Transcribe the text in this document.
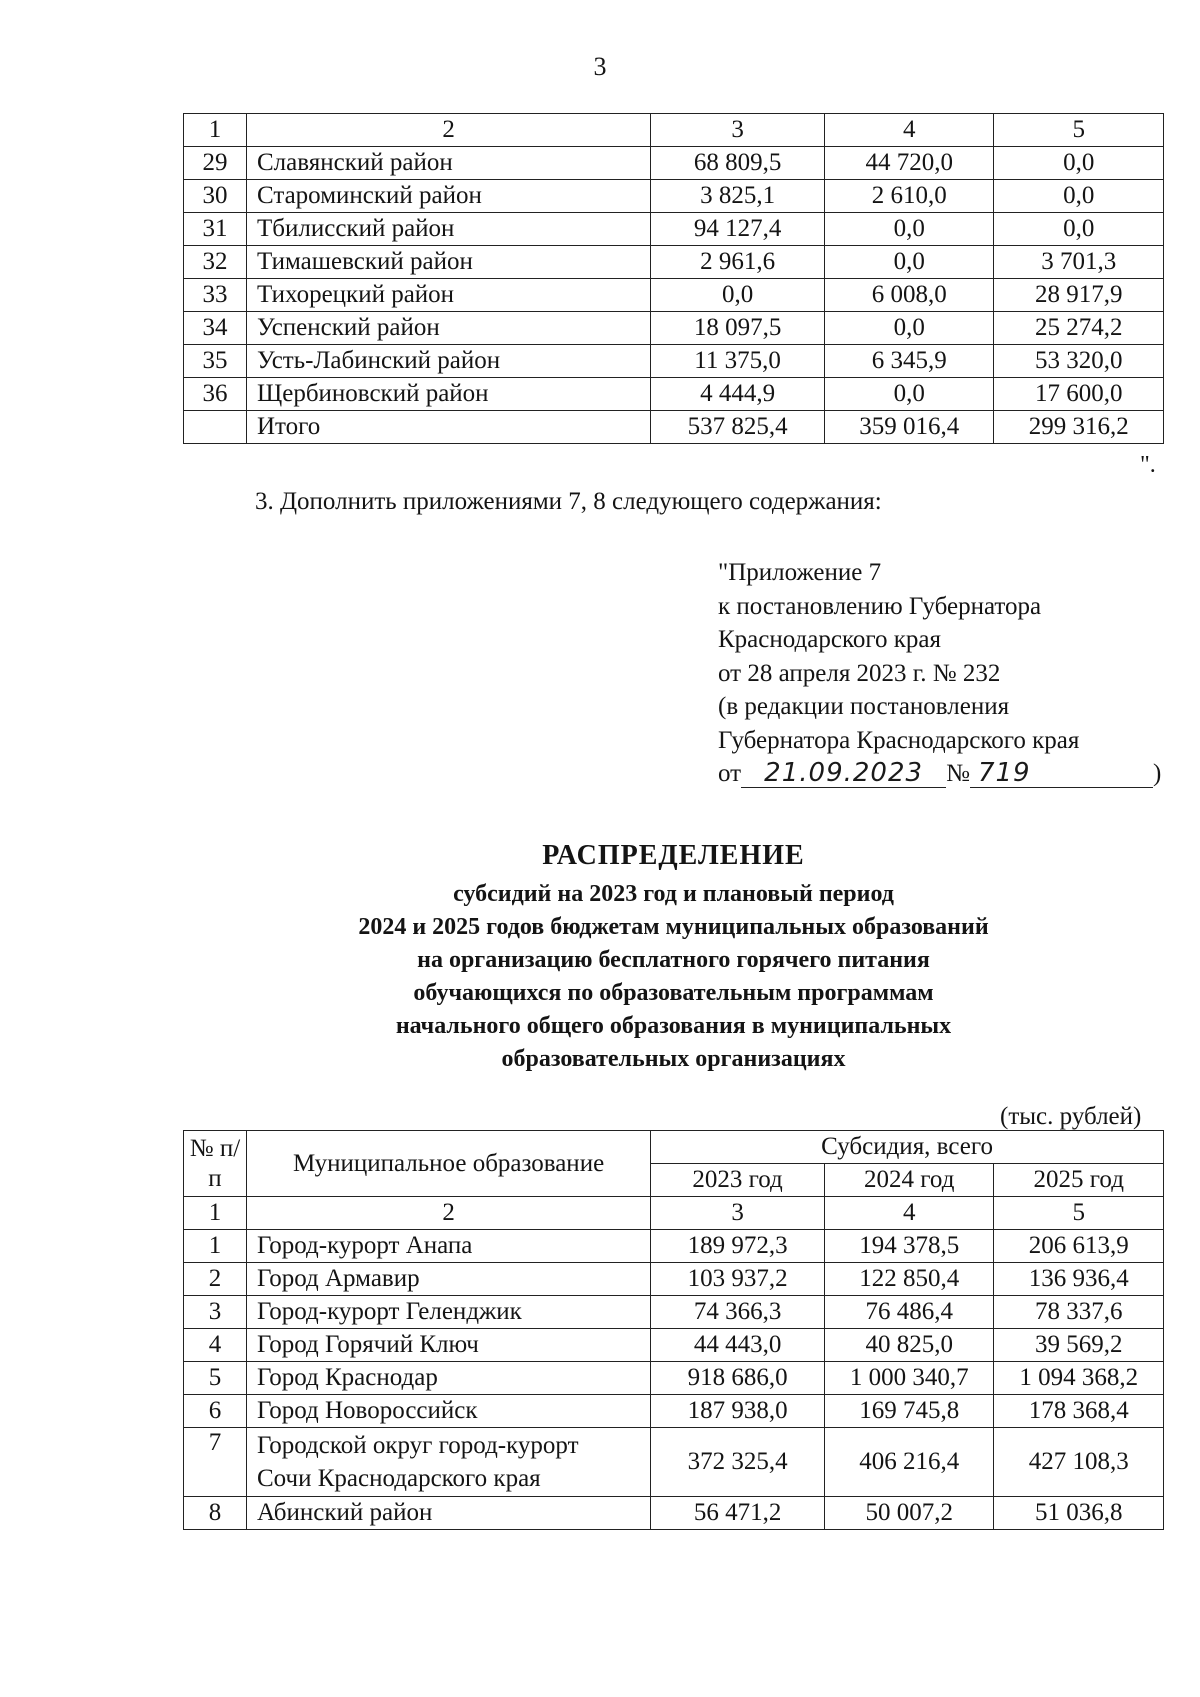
3
1	2	3	4	5
29	Славянский район	68 809,5	44 720,0	0,0
30	Староминский район	3 825,1	2 610,0	0,0
31	Тбилисский район	94 127,4	0,0	0,0
32	Тимашевский район	2 961,6	0,0	3 701,3
33	Тихорецкий район	0,0	6 008,0	28 917,9
34	Успенский район	18 097,5	0,0	25 274,2
35	Усть-Лабинский район	11 375,0	6 345,9	53 320,0
36	Щербиновский район	4 444,9	0,0	17 600,0
	Итого	537 825,4	359 016,4	299 316,2
".
3. Дополнить приложениями 7, 8 следующего содержания:
"Приложение 7
к постановлению Губернатора
Краснодарского края
от 28 апреля 2023 г. № 232
(в редакции постановления
Губернатора Краснодарского края
от 21.09.2023 № 719	)
РАСПРЕДЕЛЕНИЕ
субсидий на 2023 год и плановый период
2024 и 2025 годов бюджетам муниципальных образований
на организацию бесплатного горячего питания
обучающихся по образовательным программам
начального общего образования в муниципальных
образовательных организациях
(тыс. рублей)
№ п/п	Муниципальное образование	Субсидия, всего		
		2023 год	2024 год	2025 год
1	2	3	4	5
1	Город-курорт Анапа	189 972,3	194 378,5	206 613,9
2	Город Армавир	103 937,2	122 850,4	136 936,4
3	Город-курорт Геленджик	74 366,3	76 486,4	78 337,6
4	Город Горячий Ключ	44 443,0	40 825,0	39 569,2
5	Город Краснодар	918 686,0	1 000 340,7	1 094 368,2
6	Город Новороссийск	187 938,0	169 745,8	178 368,4
7	Городской округ город-курорт
Сочи Краснодарского края	372 325,4	406 216,4	427 108,3
8	Абинский район	56 471,2	50 007,2	51 036,8
